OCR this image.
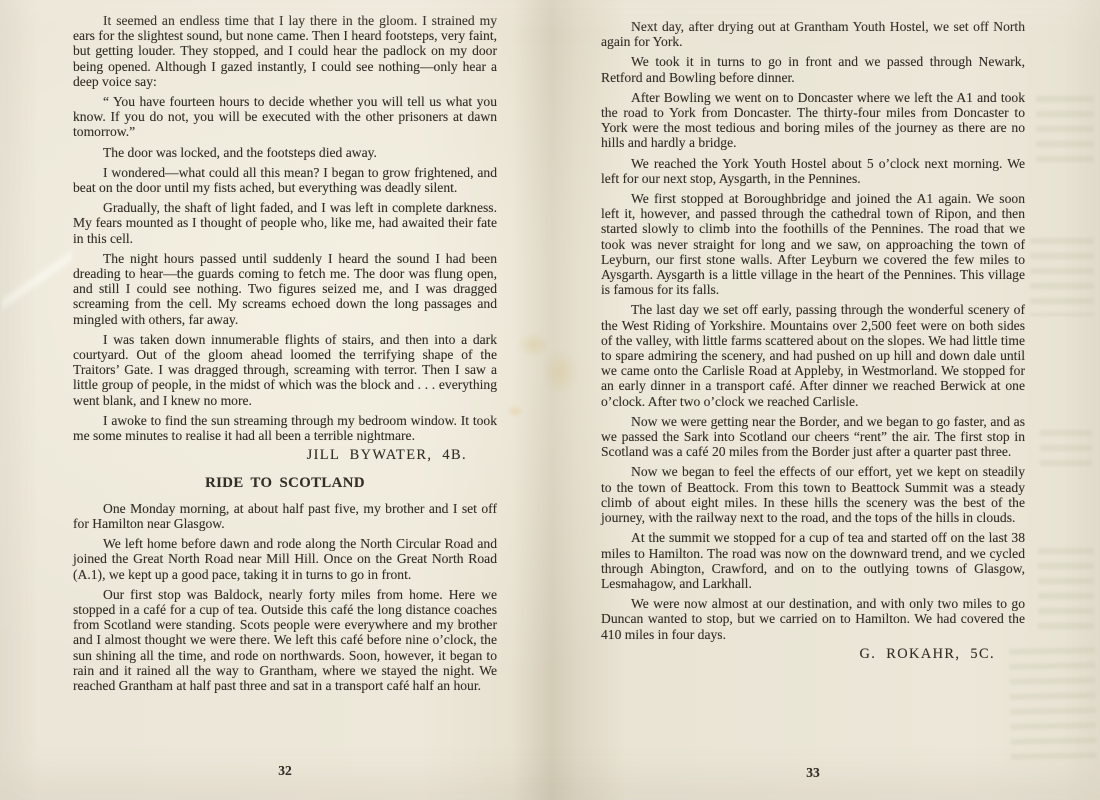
It seemed an endless time that I lay there in the gloom. I strained my ears for the slightest sound, but none came. Then I heard footsteps, very faint, but getting louder. They stopped, and I could hear the padlock on my door being opened. Although I gazed instantly, I could see nothing—only hear a deep voice say:

“ You have fourteen hours to decide whether you will tell us what you know. If you do not, you will be executed with the other prisoners at dawn tomorrow.”

The door was locked, and the footsteps died away.

I wondered—what could all this mean? I began to grow frightened, and beat on the door until my fists ached, but everything was deadly silent.

Gradually, the shaft of light faded, and I was left in complete darkness. My fears mounted as I thought of people who, like me, had awaited their fate in this cell.

The night hours passed until suddenly I heard the sound I had been dreading to hear—the guards coming to fetch me. The door was flung open, and still I could see nothing. Two figures seized me, and I was dragged screaming from the cell. My screams echoed down the long passages and mingled with others, far away.

I was taken down innumerable flights of stairs, and then into a dark courtyard. Out of the gloom ahead loomed the terrifying shape of the Traitors’ Gate. I was dragged through, screaming with terror. Then I saw a little group of people, in the midst of which was the block and . . . everything went blank, and I knew no more.

I awoke to find the sun streaming through my bedroom window. It took me some minutes to realise it had all been a terrible nightmare.

JILL BYWATER, 4B.

RIDE TO SCOTLAND

One Monday morning, at about half past five, my brother and I set off for Hamilton near Glasgow.

We left home before dawn and rode along the North Circular Road and joined the Great North Road near Mill Hill. Once on the Great North Road (A.1), we kept up a good pace, taking it in turns to go in front.

Our first stop was Baldock, nearly forty miles from home. Here we stopped in a café for a cup of tea. Outside this café the long distance coaches from Scotland were standing. Scots people were everywhere and my brother and I almost thought we were there. We left this café before nine o’clock, the sun shining all the time, and rode on northwards. Soon, however, it began to rain and it rained all the way to Grantham, where we stayed the night. We reached Grantham at half past three and sat in a transport café half an hour.

32

Next day, after drying out at Grantham Youth Hostel, we set off North again for York.

We took it in turns to go in front and we passed through Newark, Retford and Bowling before dinner.

After Bowling we went on to Doncaster where we left the A1 and took the road to York from Doncaster. The thirty-four miles from Doncaster to York were the most tedious and boring miles of the journey as there are no hills and hardly a bridge.

We reached the York Youth Hostel about 5 o’clock next morning. We left for our next stop, Aysgarth, in the Pennines.

We first stopped at Boroughbridge and joined the A1 again. We soon left it, however, and passed through the cathedral town of Ripon, and then started slowly to climb into the foothills of the Pennines. The road that we took was never straight for long and we saw, on approaching the town of Leyburn, our first stone walls. After Leyburn we covered the few miles to Aysgarth. Aysgarth is a little village in the heart of the Pennines. This village is famous for its falls.

The last day we set off early, passing through the wonderful scenery of the West Riding of Yorkshire. Mountains over 2,500 feet were on both sides of the valley, with little farms scattered about on the slopes. We had little time to spare admiring the scenery, and had pushed on up hill and down dale until we came onto the Carlisle Road at Appleby, in Westmorland. We stopped for an early dinner in a transport café. After dinner we reached Berwick at one o’clock. After two o’clock we reached Carlisle.

Now we were getting near the Border, and we began to go faster, and as we passed the Sark into Scotland our cheers “rent” the air. The first stop in Scotland was a café 20 miles from the Border just after a quarter past three.

Now we began to feel the effects of our effort, yet we kept on steadily to the town of Beattock. From this town to Beattock Summit was a steady climb of about eight miles. In these hills the scenery was the best of the journey, with the railway next to the road, and the tops of the hills in clouds.

At the summit we stopped for a cup of tea and started off on the last 38 miles to Hamilton. The road was now on the downward trend, and we cycled through Abington, Crawford, and on to the outlying towns of Glasgow, Lesmahagow, and Larkhall.

We were now almost at our destination, and with only two miles to go Duncan wanted to stop, but we carried on to Hamilton. We had covered the 410 miles in four days.

G. ROKAHR, 5C.

33
